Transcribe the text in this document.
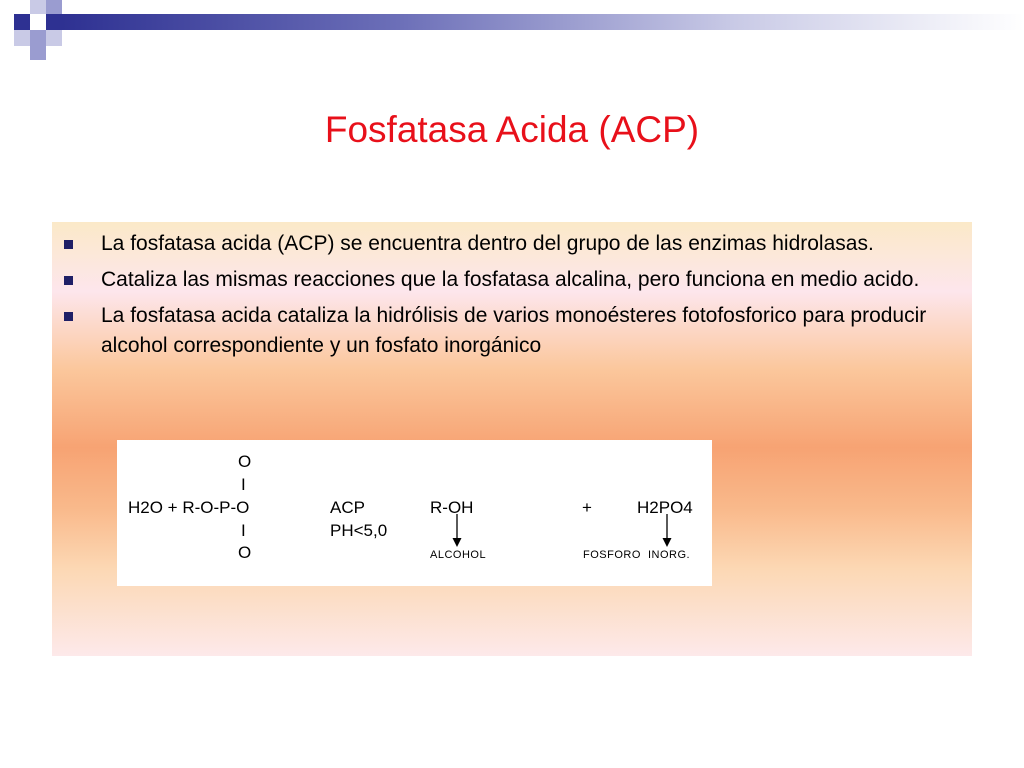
Fosfatasa Acida (ACP)
La fosfatasa acida (ACP) se encuentra dentro del grupo de las enzimas hidrolasas.
Cataliza las mismas reacciones que la fosfatasa alcalina, pero funciona en medio acido.
La fosfatasa acida cataliza la hidrólisis de varios monoésteres fotofosforico para producir alcohol correspondiente y un fosfato inorgánico
O
I
H2O + R-O-P-O
I
O
ACP
PH<5,0
R-OH	+	H2PO4
ALCOHOL	FOSFORO  INORG.
